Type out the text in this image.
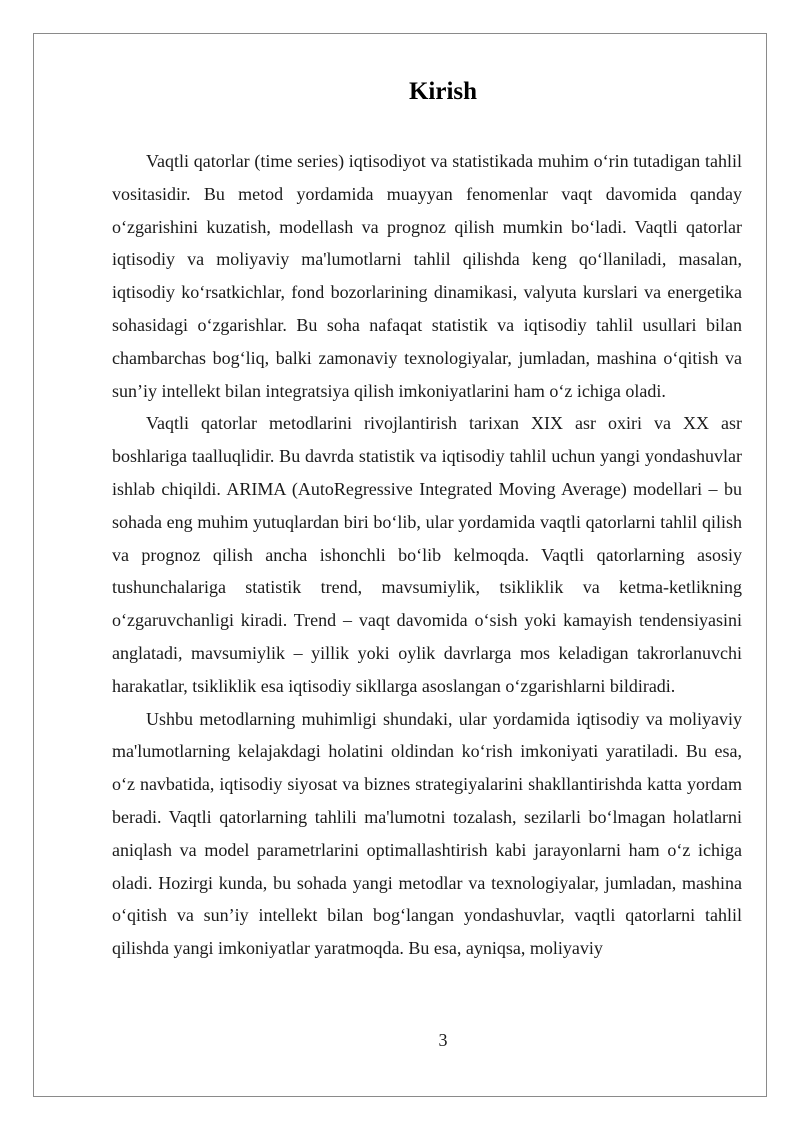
Kirish

Vaqtli qatorlar (time series) iqtisodiyot va statistikada muhim o‘rin tutadigan tahlil vositasidir. Bu metod yordamida muayyan fenomenlar vaqt davomida qanday o‘zgarishini kuzatish, modellash va prognoz qilish mumkin bo‘ladi. Vaqtli qatorlar iqtisodiy va moliyaviy ma'lumotlarni tahlil qilishda keng qo‘llaniladi, masalan, iqtisodiy ko‘rsatkichlar, fond bozorlarining dinamikasi, valyuta kurslari va energetika sohasidagi o‘zgarishlar. Bu soha nafaqat statistik va iqtisodiy tahlil usullari bilan chambarchas bog‘liq, balki zamonaviy texnologiyalar, jumladan, mashina o‘qitish va sun’iy intellekt bilan integratsiya qilish imkoniyatlarini ham o‘z ichiga oladi.

Vaqtli qatorlar metodlarini rivojlantirish tarixan XIX asr oxiri va XX asr boshlariga taalluqlidir. Bu davrda statistik va iqtisodiy tahlil uchun yangi yondashuvlar ishlab chiqildi. ARIMA (AutoRegressive Integrated Moving Average) modellari – bu sohada eng muhim yutuqlardan biri bo‘lib, ular yordamida vaqtli qatorlarni tahlil qilish va prognoz qilish ancha ishonchli bo‘lib kelmoqda. Vaqtli qatorlarning asosiy tushunchalariga statistik trend, mavsumiylik, tsikliklik va ketma-ketlikning o‘zgaruvchanligi kiradi. Trend – vaqt davomida o‘sish yoki kamayish tendensiyasini anglatadi, mavsumiylik – yillik yoki oylik davrlarga mos keladigan takrorlanuvchi harakatlar, tsikliklik esa iqtisodiy sikllarga asoslangan o‘zgarishlarni bildiradi.

Ushbu metodlarning muhimligi shundaki, ular yordamida iqtisodiy va moliyaviy ma'lumotlarning kelajakdagi holatini oldindan ko‘rish imkoniyati yaratiladi. Bu esa, o‘z navbatida, iqtisodiy siyosat va biznes strategiyalarini shakllantirishda katta yordam beradi. Vaqtli qatorlarning tahlili ma'lumotni tozalash, sezilarli bo‘lmagan holatlarni aniqlash va model parametrlarini optimallashtirish kabi jarayonlarni ham o‘z ichiga oladi. Hozirgi kunda, bu sohada yangi metodlar va texnologiyalar, jumladan, mashina o‘qitish va sun’iy intellekt bilan bog‘langan yondashuvlar, vaqtli qatorlarni tahlil qilishda yangi imkoniyatlar yaratmoqda. Bu esa, ayniqsa, moliyaviy

3
